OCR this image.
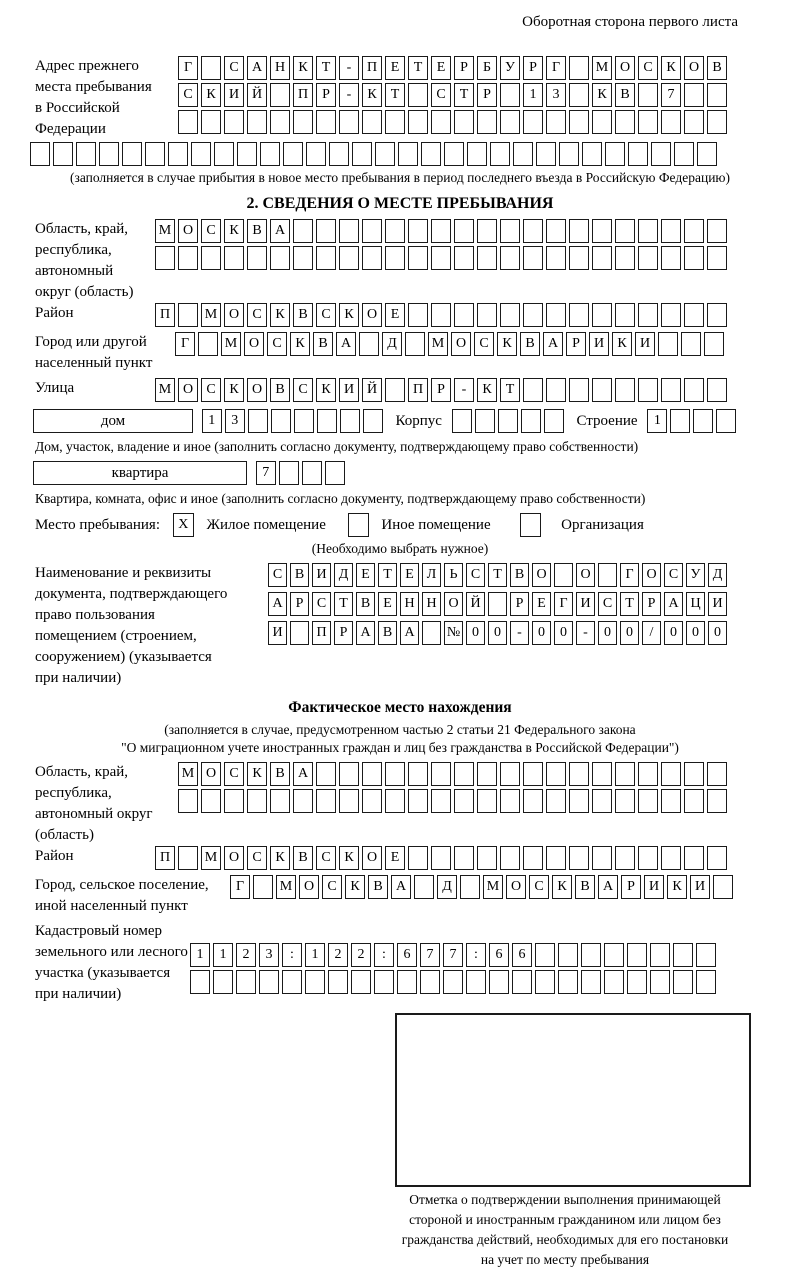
Оборотная сторона первого листа
Адрес прежнего
места пребывания
в Российской
Федерации
Г	С А Н К Т - П Е Т Е Р Б У Р Г	М О С К О В
С К И Й	П Р - К Т	С Т Р	1 3	К В	7
(заполняется в случае прибытия в новое место пребывания в период последнего въезда в Российскую Федерацию)
2. СВЕДЕНИЯ О МЕСТЕ ПРЕБЫВАНИЯ
Область, край,
республика,
автономный
округ (область)
М О С К В А
Район	П М О С К В С К О Е
Город или другой
населенный пункт
Г	М О С К В А	Д М О С К В А Р И К И
Улица	М О С К О В С К И Й	П Р - К Т
дом	1 3	Корпус	Строение 1
Дом, участок, владение и иное (заполнить согласно документу, подтверждающему право собственности)
квартира	7
Квартира, комната, офис и иное (заполнить согласно документу, подтверждающему право собственности)
Место пребывания: X Жилое помещение	Иное помещение	Организация
(Необходимо выбрать нужное)
Наименование и реквизиты
документа, подтверждающего
право пользования
помещением (строением,
сооружением) (указывается
при наличии)
С В И Д Е Т Е Л Ь С Т В О О Г О С У Д
А Р С Т В Е Н Н О Й	Р Е Г И С Т Р А Ц И
И П Р А В А № 0 0 - 0 0 - 0 0 / 0 0 0
Фактическое место нахождения
(заполняется в случае, предусмотренном частью 2 статьи 21 Федерального закона
"О миграционном учете иностранных граждан и лиц без гражданства в Российской Федерации")
Область, край,
республика,
автономный округ
(область)
М О С К В А
Район	П М О С К В С К О Е
Город, сельское поселение,
иной населенный пункт
Г	М О С К В А	Д М О С К В А Р И К И
Кадастровый номер
земельного или лесного
участка (указывается
при наличии)
1 1 2 3 : 1 2 2 : 6 7 7 : 6 6
Отметка о подтверждении выполнения принимающей
стороной и иностранным гражданином или лицом без
гражданства действий, необходимых для его постановки
на учет по месту пребывания
